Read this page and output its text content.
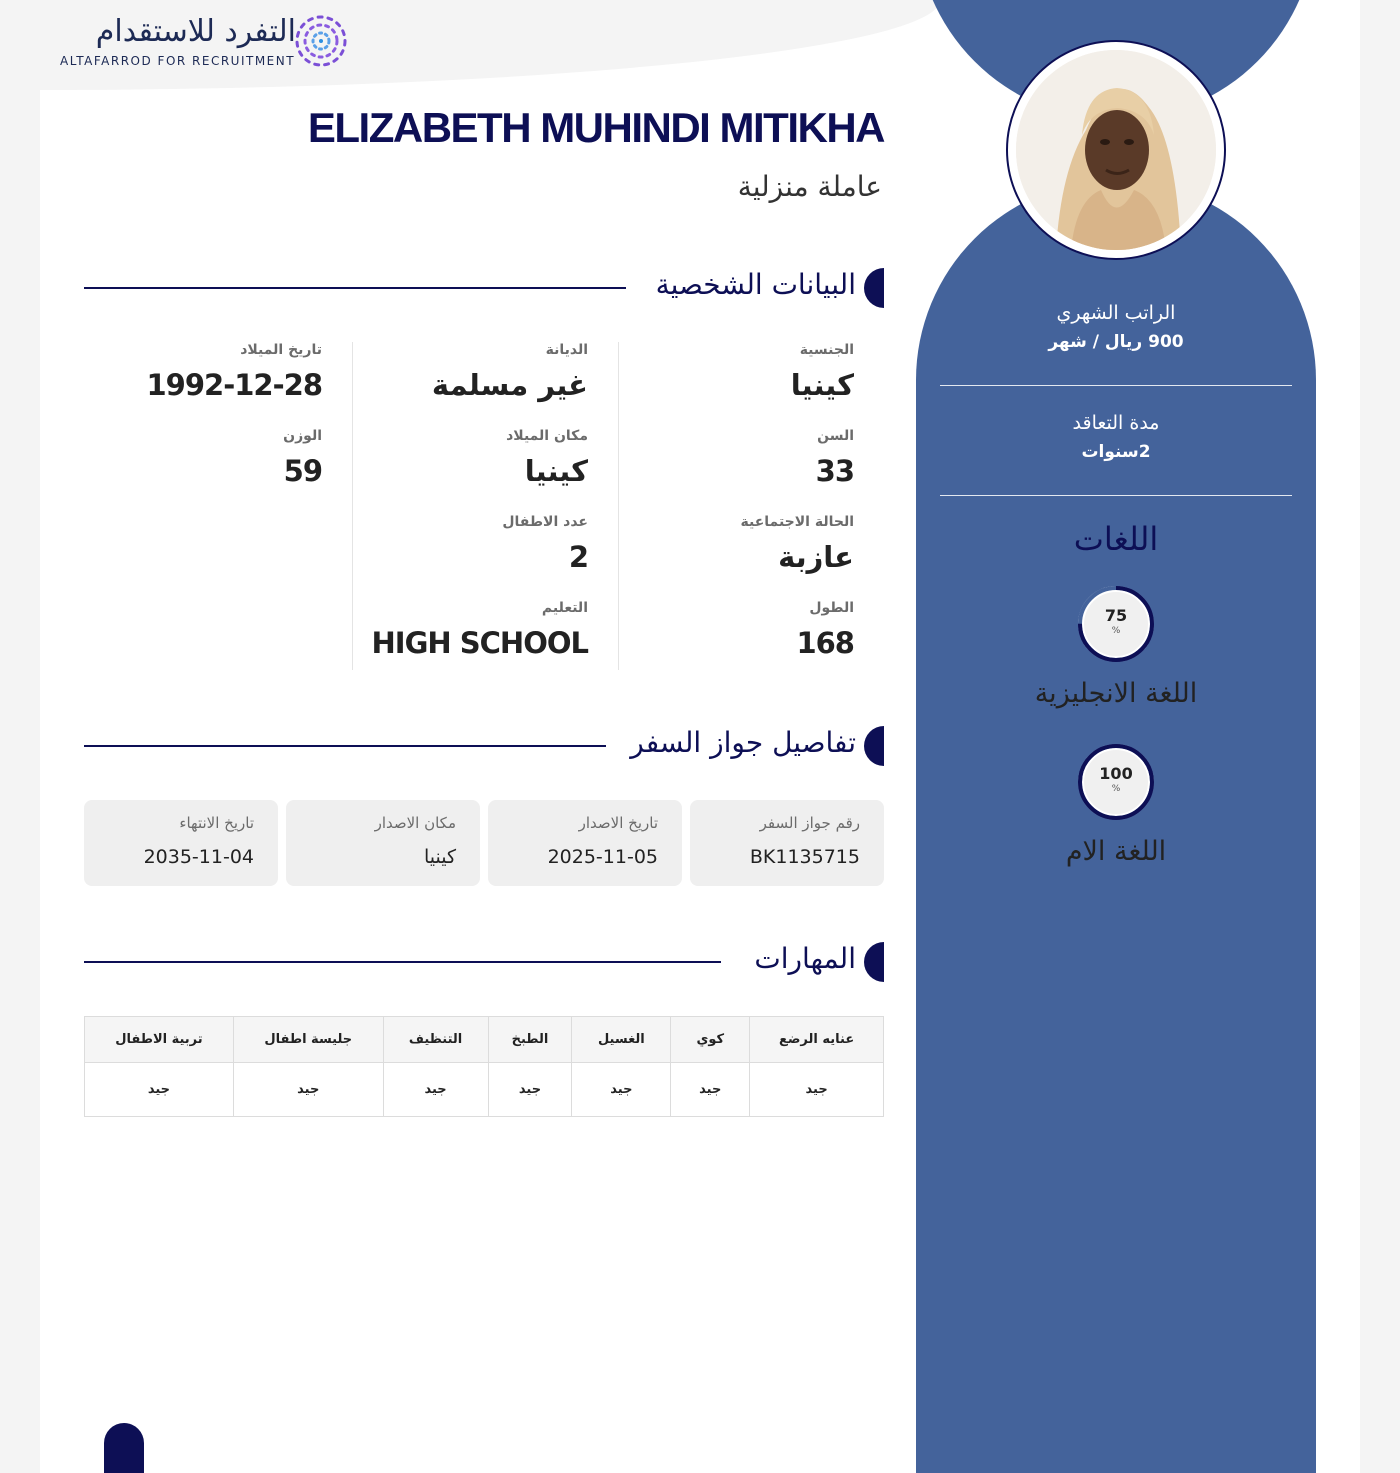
التفرد للاستقدام
ALTAFARROD FOR RECRUITMENT
الراتب الشهري
900 ريال / شهر
مدة التعاقد
2سنوات
اللغات
75
%
اللغة الانجليزية
100
%
اللغة الام
ELIZABETH MUHINDI MITIKHA
عاملة منزلية
البيانات الشخصية
الجنسية
كينيا
السن
33
الحالة الاجتماعية
عازبة
الطول
168
الديانة
غير مسلمة
مكان الميلاد
كينيا
عدد الاطفال
2
التعليم
HIGH SCHOOL
تاريخ الميلاد
1992-12-28
الوزن
59
تفاصيل جواز السفر
رقم جواز السفر
BK1135715
تاريخ الاصدار
2025-11-05
مكان الاصدار
كينيا
تاريخ الانتهاء
2035-11-04
المهارات
عنايه الرضع	كوي	الغسيل	الطبخ	التنظيف	جليسة اطفال	تربية الاطفال
جيد	جيد	جيد	جيد	جيد	جيد	جيد
